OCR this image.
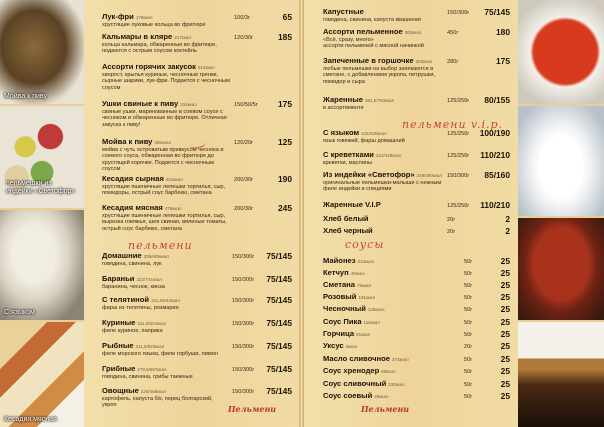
Мойва к пиву
пельмешки из индейки «Светофор»
С языком
Кесадия мясная
Лук-фри 178ккал
хрустящие луковые кольца во фритюре
100/3г	65
Кальмары в кляре 217ккал
кольца кальмара, обжаренные во фритюре, подаются с острым соусом коктейль
120/30г	185
Ассорти горячих закусок 512ккал
хворост, крылья куриные, чесночные гренки, сырные шарики, лук-фри. Подается с чесночным соусом
Ушки свиные к пиву 316ккал
свиные ушки, маринованные в соевом соусе с чесноком и обжаренные во фритюре. Отличная закуска к пиву!
150/50/5г 175
Мойва к пиву 406ккал
мойва с чуть островатым привкусом чеснока и соевого соуса, обжаренная во фритюре до хрустящей корочки. Подается с чесночным соусом
120/20г	125
Кесадия сырная 461ккал
хрустящие пшеничные лепешки тортилья, сыр, помидоры, острый соус барбекю, сметана
200/30г	190
Кесадия мясная 479ккал
хрустящие пшеничные лепешки тортилья, сыр, вырезка говяжья, шея свиная, вяленые томаты, острый соус барбекю, сметана
200/30г	245
пельмени
Домашние 335/609ккал
говядина, свинина, лук
150/300г 75/145
Бараньи 322/744ккал
баранина, чеснок, кинза
150/300г 75/145
С телятиной 311,5/643ккал
фарш из телятины, розмарин
150/300г 75/145
Куриные 311,5/623ккал
филе куриное, паприка
150/300г 75/145
Рыбные 311,5/623ккал
филе морского языка, филе горбуши, лимон
150/300г 75/145
Грибные 278,5/557ккал
говядина, свинина, грибы таежные
150/300г 75/145
Овощные 224/469ккал
картофель, капуста б/к, перец болгарский, укроп
150/300г 75/145
Пельмени
Капустные
говядина, свинина, капуста квашеная
150/300г 75/145
Ассорти пельменное 363ккал
«Всё, сразу, много»
ассорти пельменей с мясной начинкой
450г	180
Запеченные в горшочке 353ккал
любые пельмешки на выбор запекаются в сметане, с добавлением укропа, петрушки, помидор и сыра
280г	175
Жаренные 381,5/763ккал
в ассортименте
125/250г 80/155
пельмени v.i.p.
С языком 215/430ккал
язык говяжий, фарш домашний
125/250г 100/190
С креветками 224/448ккал
креветки, маслины
125/250г 110/210
Из индейки «Светофор» 249/480ккал
оригинальные пельмешки-малыши с нежным филе индейки и специями
150/300г 85/160
Жаренные V.I.P	125/250г 110/210
Хлеб белый	20г	2
Хлеб черный	20г	2
соусы
Майонез 313ккал	50г	25
Кетчуп 40ккал	50г	25
Сметана 75ккал	50г	25
Розовый 191ккал	50г	25
Чесночный 135ккал	50г	25
Соус Пика 115ккал	50г	25
Горчица 81ккал	50г	25
Уксус 3ккал	20г	25
Масло сливочное 374ккал	50г	25
Соус хренодер 80ккал	50г	25
Соус сливочный 230ккал	50г	25
Соус соевый 26ккал	50г	25
Пельмени
